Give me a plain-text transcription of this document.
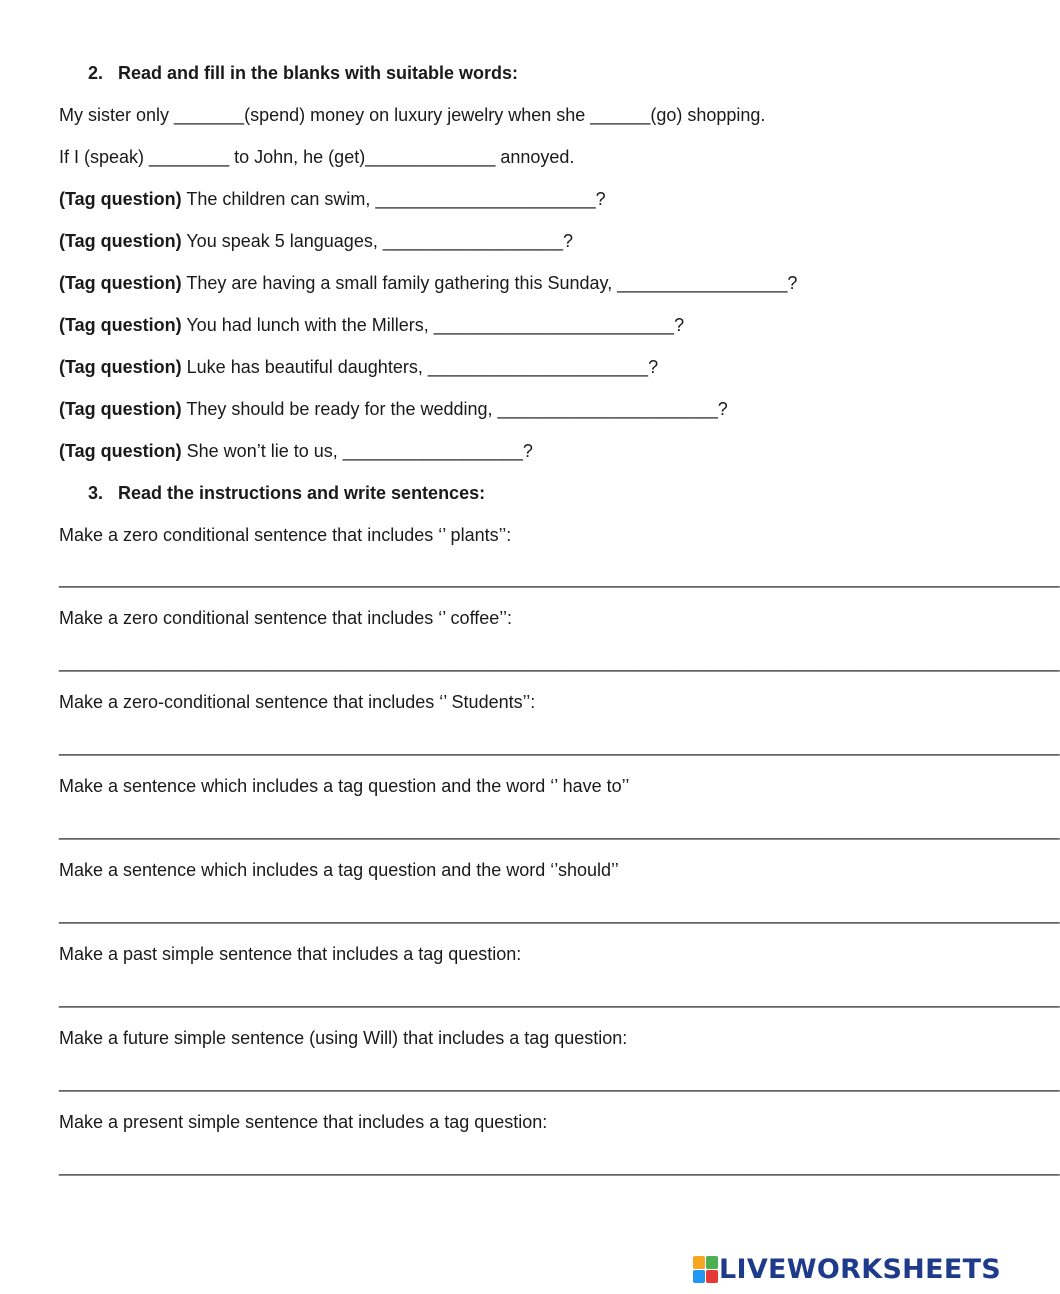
2. Read and fill in the blanks with suitable words:
My sister only _______(spend) money on luxury jewelry when she ______(go) shopping.
If I (speak) ________ to John, he (get)_____________ annoyed.
(Tag question) The children can swim, ______________________?
(Tag question) You speak 5 languages, __________________?
(Tag question) They are having a small family gathering this Sunday, _________________?
(Tag question) You had lunch with the Millers, ________________________?
(Tag question) Luke has beautiful daughters, ______________________?
(Tag question) They should be ready for the wedding, ______________________?
(Tag question) She won’t lie to us, __________________?
3. Read the instructions and write sentences:
Make a zero conditional sentence that includes ‘’ plants’’:
__________________________________________________________________________________________________
Make a zero conditional sentence that includes ‘’ coffee’’:
__________________________________________________________________________________________________
Make a zero-conditional sentence that includes ‘’ Students’’:
__________________________________________________________________________________________________
Make a sentence which includes a tag question and the word ‘’ have to’’
__________________________________________________________________________________________________
Make a sentence which includes a tag question and the word ‘’should’’
__________________________________________________________________________________________________
Make a past simple sentence that includes a tag question:
__________________________________________________________________________________________________
Make a future simple sentence (using Will) that includes a tag question:
__________________________________________________________________________________________________
Make a present simple sentence that includes a tag question:
__________________________________________________________________________________________________
LIVEWORKSHEETS
